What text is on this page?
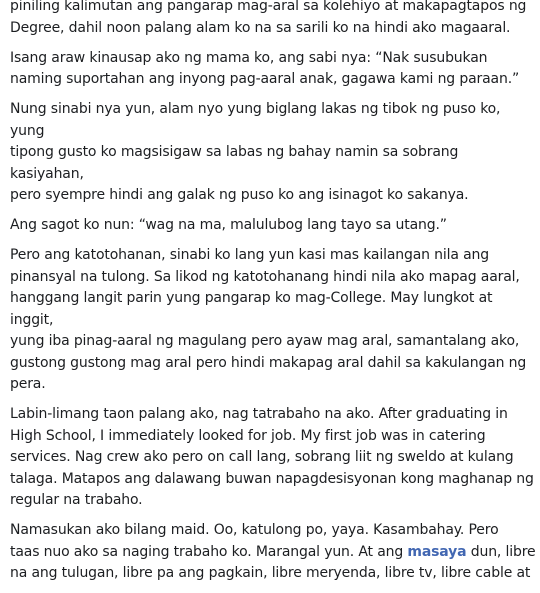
piniling kalimutan ang pangarap mag-aral sa kolehiyo at makapagtapos ng
Degree, dahil noon palang alam ko na sa sarili ko na hindi ako magaaral.

Isang araw kinausap ako ng mama ko, ang sabi nya: “Nak susubukan
naming suportahan ang inyong pag-aaral anak, gagawa kami ng paraan.”

Nung sinabi nya yun, alam nyo yung biglang lakas ng tibok ng puso ko, yung
tipong gusto ko magsisigaw sa labas ng bahay namin sa sobrang kasiyahan,
pero syempre hindi ang galak ng puso ko ang isinagot ko sakanya.

Ang sagot ko nun: “wag na ma, malulubog lang tayo sa utang.”

Pero ang katotohanan, sinabi ko lang yun kasi mas kailangan nila ang
pinansyal na tulong. Sa likod ng katotohanang hindi nila ako mapag aaral,
hanggang langit parin yung pangarap ko mag-College. May lungkot at inggit,
yung iba pinag-aaral ng magulang pero ayaw mag aral, samantalang ako,
gustong gustong mag aral pero hindi makapag aral dahil sa kakulangan ng
pera.

Labin-limang taon palang ako, nag tatrabaho na ako. After graduating in
High School, I immediately looked for job. My first job was in catering
services. Nag crew ako pero on call lang, sobrang liit ng sweldo at kulang
talaga. Matapos ang dalawang buwan napagdesisyonan kong maghanap ng
regular na trabaho.

Namasukan ako bilang maid. Oo, katulong po, yaya. Kasambahay. Pero
taas nuo ako sa naging trabaho ko. Marangal yun. At ang masaya dun, libre
na ang tulugan, libre pa ang pagkain, libre meryenda, libre tv, libre cable at
